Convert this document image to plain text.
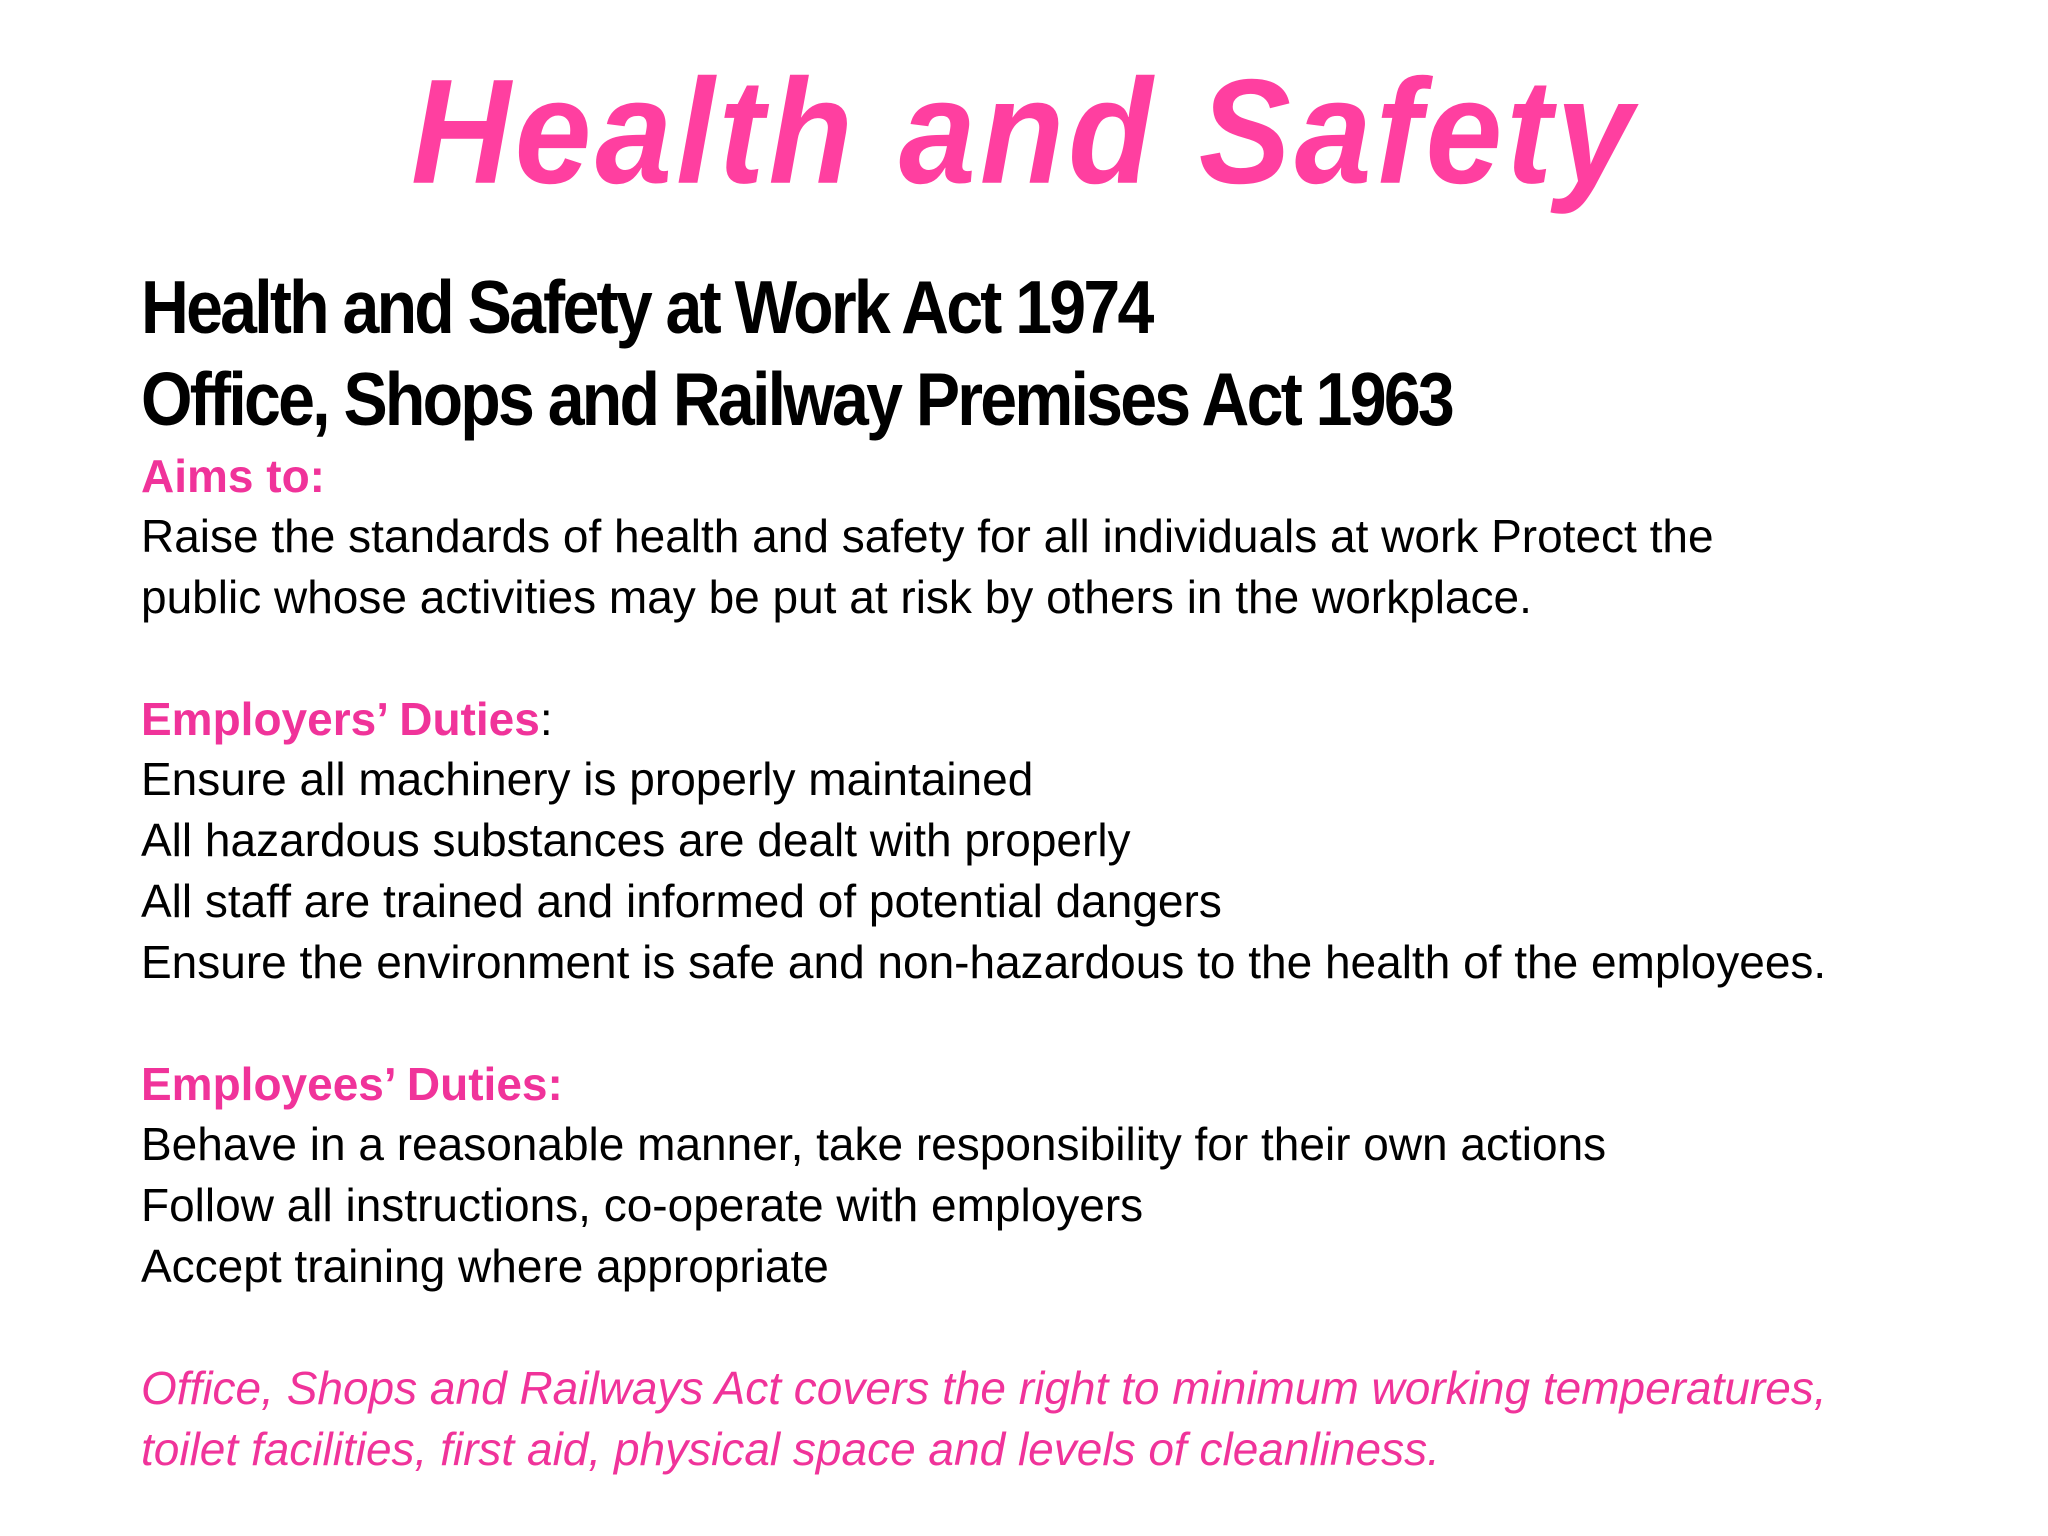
Health and Safety
Health and Safety at Work Act 1974
Office, Shops and Railway Premises Act 1963
Aims to:
Raise the standards of health and safety for all individuals at work Protect the
public whose activities may be put at risk by others in the workplace.
Employers’ Duties:
Ensure all machinery is properly maintained
All hazardous substances are dealt with properly
All staff are trained and informed of potential dangers
Ensure the environment is safe and non-hazardous to the health of the employees.
Employees’ Duties:
Behave in a reasonable manner, take responsibility for their own actions
Follow all instructions, co-operate with employers
Accept training where appropriate
Office, Shops and Railways Act covers the right to minimum working temperatures,
toilet facilities, first aid, physical space and levels of cleanliness.
